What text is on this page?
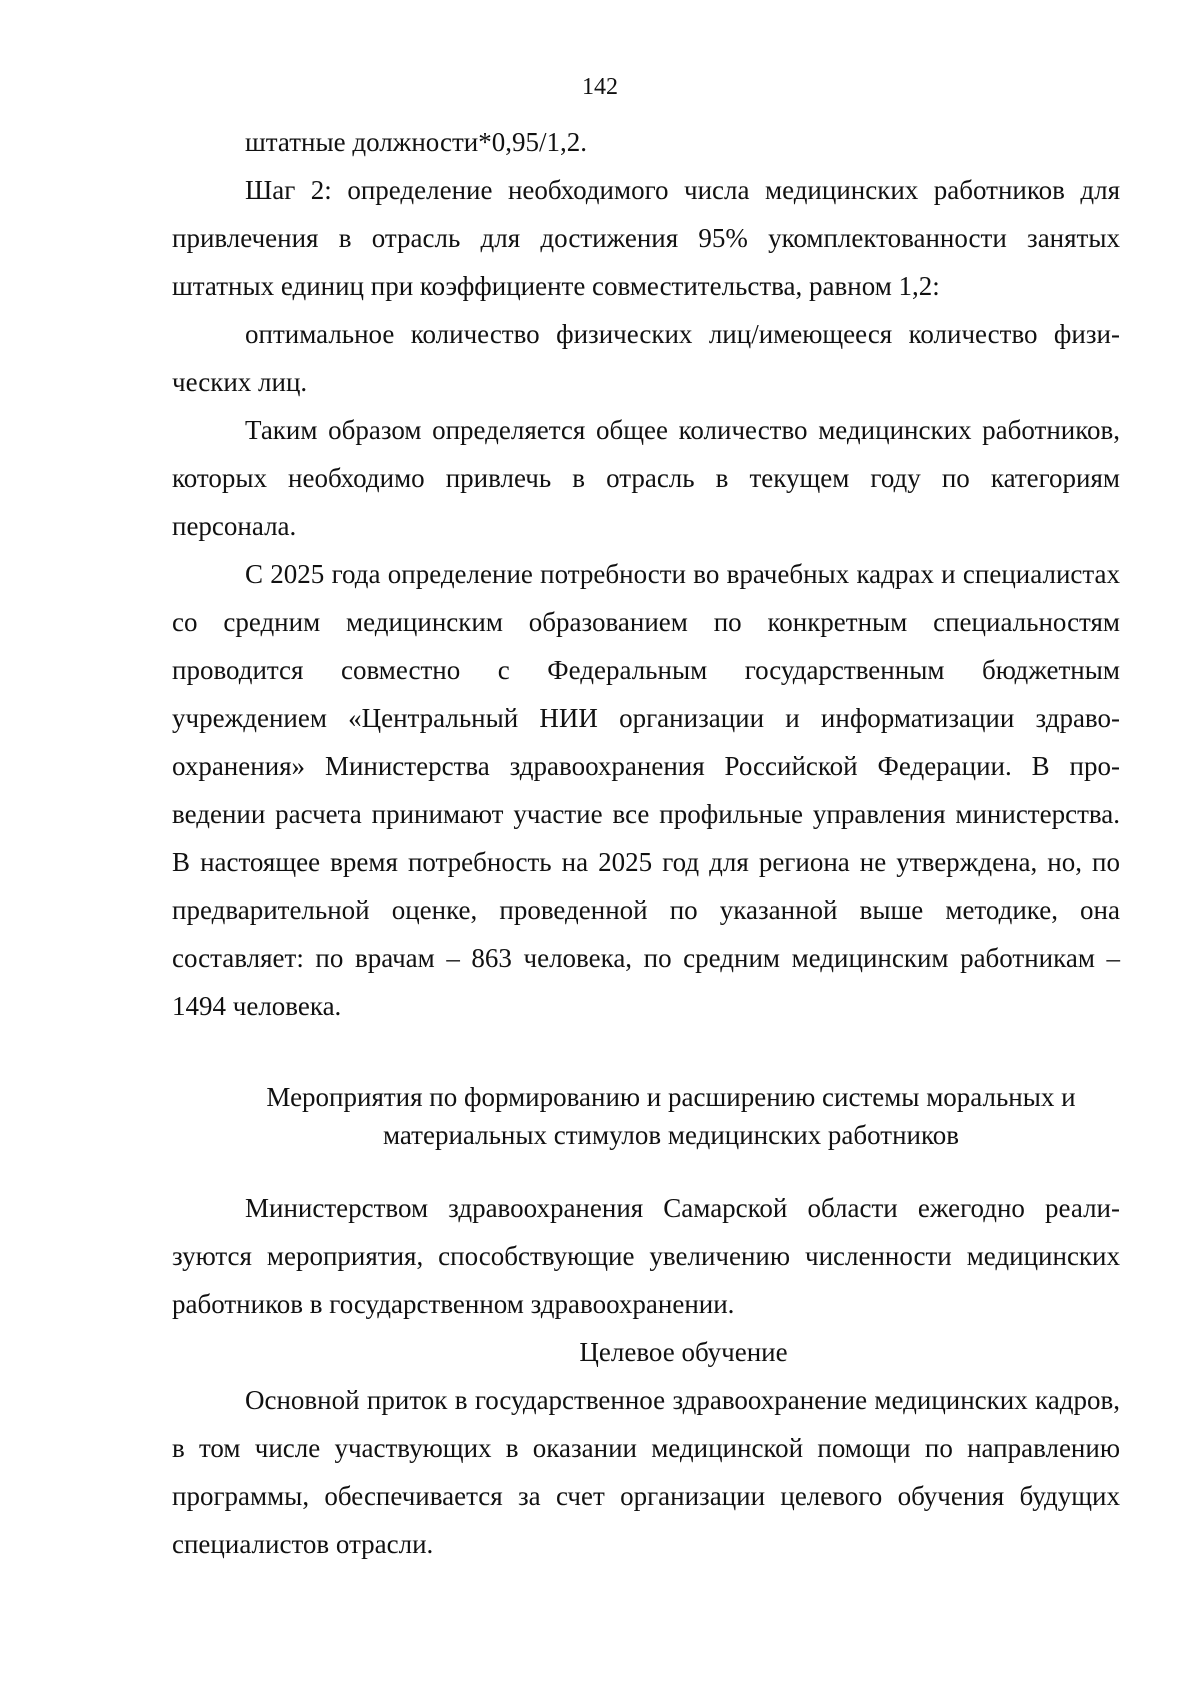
142

штатные должности*0,95/1,2.

Шаг 2: определение необходимого числа медицинских работников для привлечения в отрасль для достижения 95% укомплектованности занятых штатных единиц при коэффициенте совместительства, равном 1,2:

оптимальное количество физических лиц/имеющееся количество физических лиц.

Таким образом определяется общее количество медицинских работников, которых необходимо привлечь в отрасль в текущем году по категориям персонала.

С 2025 года определение потребности во врачебных кадрах и специалистах со средним медицинским образованием по конкретным специальностям проводится совместно с Федеральным государственным бюджетным учреждением «Центральный НИИ организации и информатизации здравоохранения» Министерства здравоохранения Российской Федерации. В проведении расчета принимают участие все профильные управления министерства. В настоящее время потребность на 2025 год для региона не утверждена, но, по предварительной оценке, проведенной по указанной выше методике, она составляет: по врачам – 863 человека, по средним медицинским работникам – 1494 человека.

Мероприятия по формированию и расширению системы моральных и материальных стимулов медицинских работников

Министерством здравоохранения Самарской области ежегодно реализуются мероприятия, способствующие увеличению численности медицинских работников в государственном здравоохранении.

Целевое обучение

Основной приток в государственное здравоохранение медицинских кадров, в том числе участвующих в оказании медицинской помощи по направлению программы, обеспечивается за счет организации целевого обучения будущих специалистов отрасли.
